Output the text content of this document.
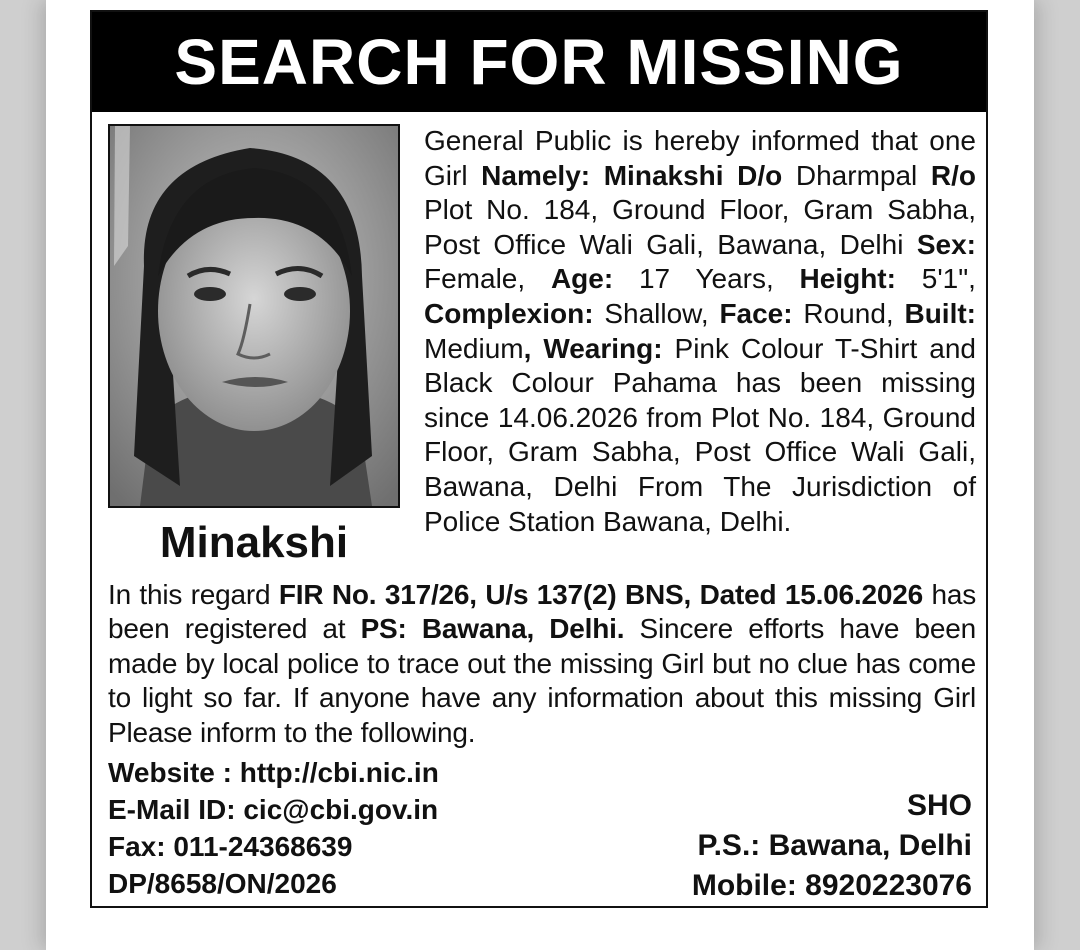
SEARCH FOR MISSING
Minakshi
General Public is hereby informed that one Girl Namely: Minakshi D/o Dharmpal R/o Plot No. 184, Ground Floor, Gram Sabha, Post Office Wali Gali, Bawana, Delhi Sex: Female, Age: 17 Years, Height: 5'1", Complexion: Shallow, Face: Round, Built: Medium, Wearing: Pink Colour T-Shirt and Black Colour Pahama has been missing since 14.06.2026 from Plot No. 184, Ground Floor, Gram Sabha, Post Office Wali Gali, Bawana, Delhi From The Jurisdiction of Police Station Bawana, Delhi.
In this regard FIR No. 317/26, U/s 137(2) BNS, Dated 15.06.2026 has been registered at PS: Bawana, Delhi. Sincere efforts have been made by local police to trace out the missing Girl but no clue has come to light so far. If anyone have any information about this missing Girl Please inform to the following.
Website : http://cbi.nic.in
E-Mail ID: cic@cbi.gov.in
Fax: 011-24368639
DP/8658/ON/2026
SHO
P.S.: Bawana, Delhi
Mobile: 8920223076
